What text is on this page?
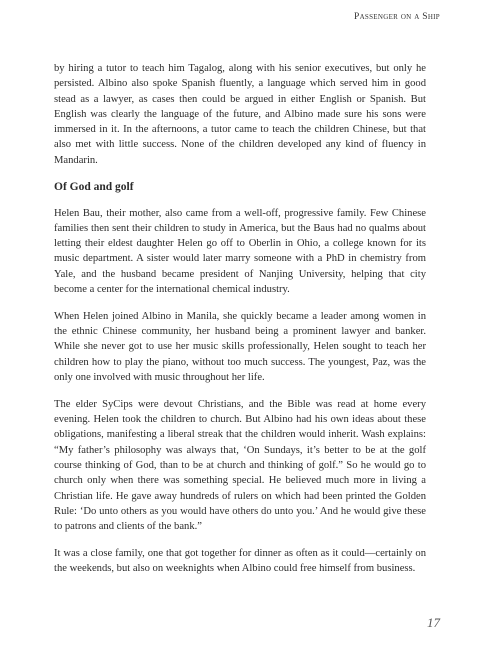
Passenger on a Ship

by hiring a tutor to teach him Tagalog, along with his senior executives, but only he persisted. Albino also spoke Spanish fluently, a language which served him in good stead as a lawyer, as cases then could be argued in either English or Spanish. But English was clearly the language of the future, and Albino made sure his sons were immersed in it. In the afternoons, a tutor came to teach the children Chinese, but that also met with little success. None of the children developed any kind of fluency in Mandarin.

Of God and golf

Helen Bau, their mother, also came from a well-off, progressive family. Few Chinese families then sent their children to study in America, but the Baus had no qualms about letting their eldest daughter Helen go off to Oberlin in Ohio, a college known for its music department. A sister would later marry someone with a PhD in chemistry from Yale, and the husband became president of Nanjing University, helping that city become a center for the international chemical industry.

When Helen joined Albino in Manila, she quickly became a leader among women in the ethnic Chinese community, her husband being a prominent lawyer and banker. While she never got to use her music skills professionally, Helen sought to teach her children how to play the piano, without too much success. The youngest, Paz, was the only one involved with music throughout her life.

The elder SyCips were devout Christians, and the Bible was read at home every evening. Helen took the children to church. But Albino had his own ideas about these obligations, manifesting a liberal streak that the children would inherit. Wash explains: “My father’s philosophy was always that, ‘On Sundays, it’s better to be at the golf course thinking of God, than to be at church and thinking of golf.” So he would go to church only when there was something special. He believed much more in living a Christian life. He gave away hundreds of rulers on which had been printed the Golden Rule: ‘Do unto others as you would have others do unto you.’ And he would give these to patrons and clients of the bank.”

It was a close family, one that got together for dinner as often as it could—certainly on the weekends, but also on weeknights when Albino could free himself from business.

17
